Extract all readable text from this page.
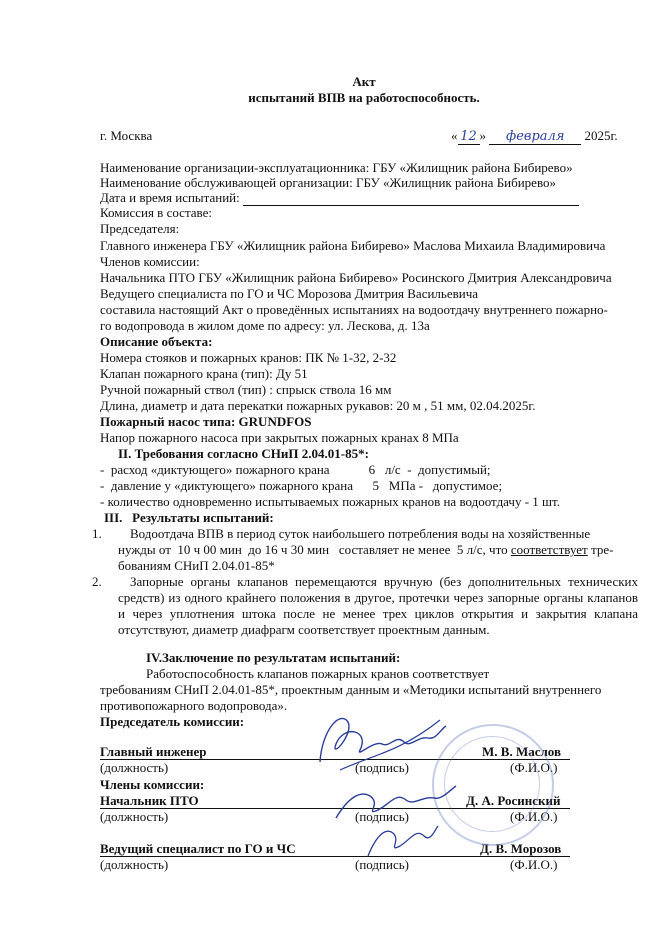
Акт
испытаний ВПВ на работоспособность.
г. Москва	« 12 » февраля 2025г.
Наименование организации-эксплуатационника: ГБУ «Жилищник района Бибирево»
Наименование обслуживающей организации: ГБУ «Жилищник района Бибирево»
Дата и время испытаний:
Комиссия в составе:
Председателя:
Главного инженера ГБУ «Жилищник района Бибирево» Маслова Михаила Владимировича
Членов комиссии:
Начальника ПТО ГБУ «Жилищник района Бибирево» Росинского Дмитрия Александровича
Ведущего специалиста по ГО и ЧС Морозова Дмитрия Васильевича
составила настоящий Акт о проведённых испытаниях на водоотдачу внутреннего пожарно-
го водопровода в жилом доме по адресу: ул. Лескова, д. 13а
Описание объекта:
Номера стояков и пожарных кранов: ПК № 1-32, 2-32
Клапан пожарного крана (тип): Ду 51
Ручной пожарный ствол (тип) : спрыск ствола 16 мм
Длина, диаметр и дата перекатки пожарных рукавов: 20 м , 51 мм, 02.04.2025г.
Пожарный насос типа: GRUNDFOS
Напор пожарного насоса при закрытых пожарных кранах 8 МПа
II. Требования согласно СНиП 2.04.01-85*:
-  расход «диктующего» пожарного крана            6   л/с  -  допустимый;
-  давление у «диктующего» пожарного крана      5   МПа -   допустимое;
- количество одновременно испытываемых пожарных кранов на водоотдачу - 1 шт.
III.   Результаты испытаний:
1. Водоотдача ВПВ в период суток наибольшего потребления воды на хозяйственные
нужды от  10 ч 00 мин  до 16 ч 30 мин   составляет не менее  5 л/с, что соответствует тре-
бованиям СНиП 2.04.01-85*
2.	Запорные органы клапанов перемещаются вручную (без дополнительных технических средств) из одного крайнего положения в другое, протечки через запорные органы клапанов и через уплотнения штока после не менее трех циклов открытия и закрытия клапана отсутствуют, диаметр диафрагм соответствует проектным данным.
IV.Заключение по результатам испытаний:
Работоспособность клапанов пожарных кранов соответствует
требованиям СНиП 2.04.01-85*, проектным данным и «Методики испытаний внутреннего
противопожарного водопровода».
Председатель комиссии:
Главный инженер	М. В. Маслов
(должность)	(подпись)	(Ф.И.О.)
Члены комиссии:
Начальник ПТО	Д. А. Росинский
(должность)	(подпись)	(Ф.И.О.)
Ведущий специалист по ГО и ЧС	Д. В. Морозов
(должность)	(подпись)	(Ф.И.О.)
